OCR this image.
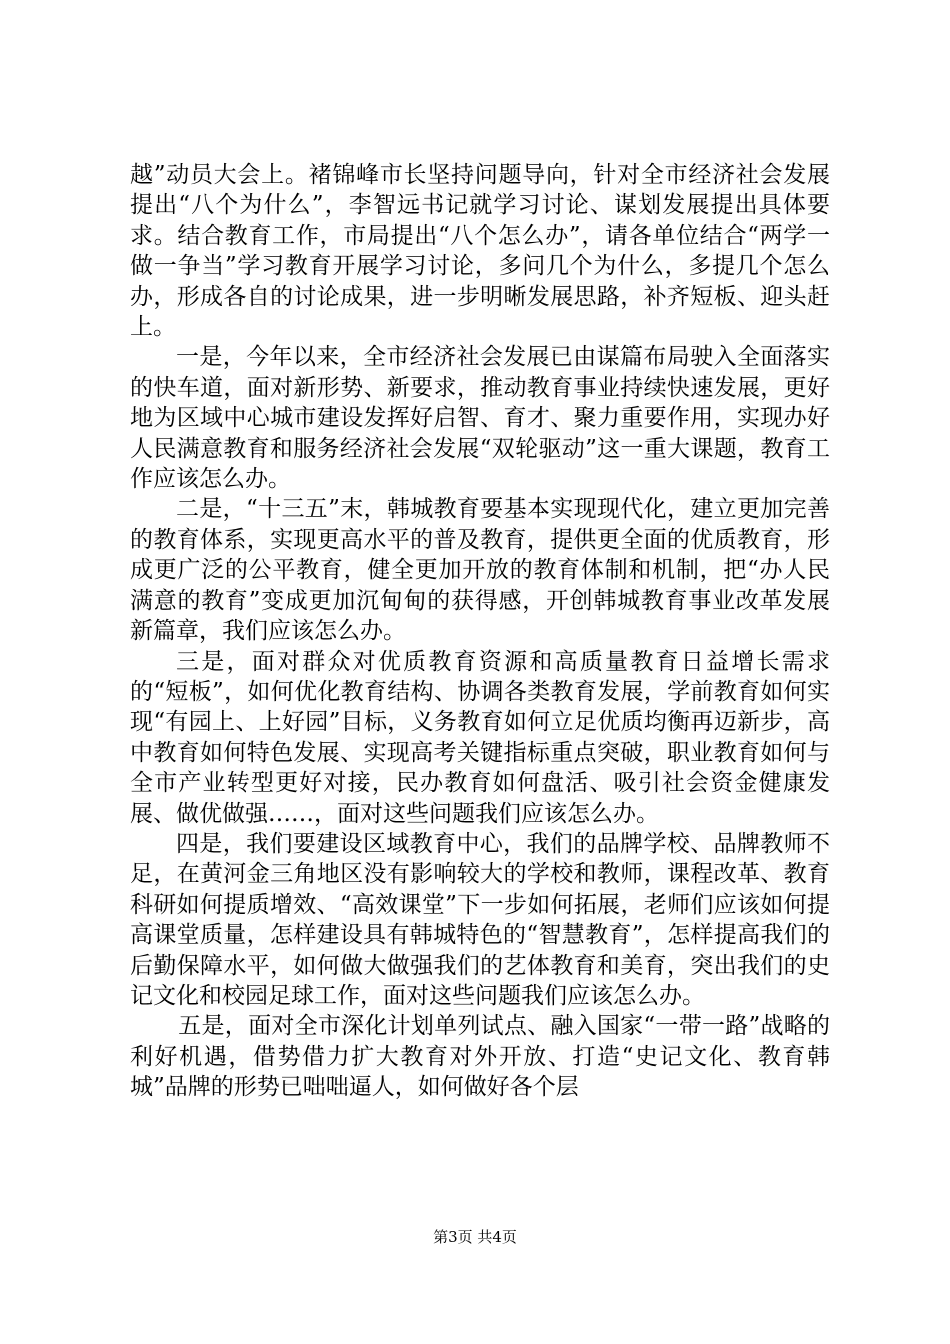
越”动员大会上。褚锦峰市长坚持问题导向，针对全市经济社会发展提出“八个为什么”，李智远书记就学习讨论、谋划发展提出具体要求。结合教育工作，市局提出“八个怎么办”，请各单位结合“两学一做一争当”学习教育开展学习讨论，多问几个为什么，多提几个怎么办，形成各自的讨论成果，进一步明晰发展思路，补齐短板、迎头赶上。

一是，今年以来，全市经济社会发展已由谋篇布局驶入全面落实的快车道，面对新形势、新要求，推动教育事业持续快速发展，更好地为区域中心城市建设发挥好启智、育才、聚力重要作用，实现办好人民满意教育和服务经济社会发展“双轮驱动”这一重大课题，教育工作应该怎么办。

二是，“十三五”末，韩城教育要基本实现现代化，建立更加完善的教育体系，实现更高水平的普及教育，提供更全面的优质教育，形成更广泛的公平教育，健全更加开放的教育体制和机制，把“办人民满意的教育”变成更加沉甸甸的获得感，开创韩城教育事业改革发展新篇章，我们应该怎么办。

三是，面对群众对优质教育资源和高质量教育日益增长需求的“短板”，如何优化教育结构、协调各类教育发展，学前教育如何实现“有园上、上好园”目标，义务教育如何立足优质均衡再迈新步，高中教育如何特色发展、实现高考关键指标重点突破，职业教育如何与全市产业转型更好对接，民办教育如何盘活、吸引社会资金健康发展、做优做强……，面对这些问题我们应该怎么办。

四是，我们要建设区域教育中心，我们的品牌学校、品牌教师不足，在黄河金三角地区没有影响较大的学校和教师，课程改革、教育科研如何提质增效、“高效课堂”下一步如何拓展，老师们应该如何提高课堂质量，怎样建设具有韩城特色的“智慧教育”，怎样提高我们的后勤保障水平，如何做大做强我们的艺体教育和美育，突出我们的史记文化和校园足球工作，面对这些问题我们应该怎么办。

五是，面对全市深化计划单列试点、融入国家“一带一路”战略的利好机遇，借势借力扩大教育对外开放、打造“史记文化、教育韩城”品牌的形势已咄咄逼人，如何做好各个层

第3页 共4页
